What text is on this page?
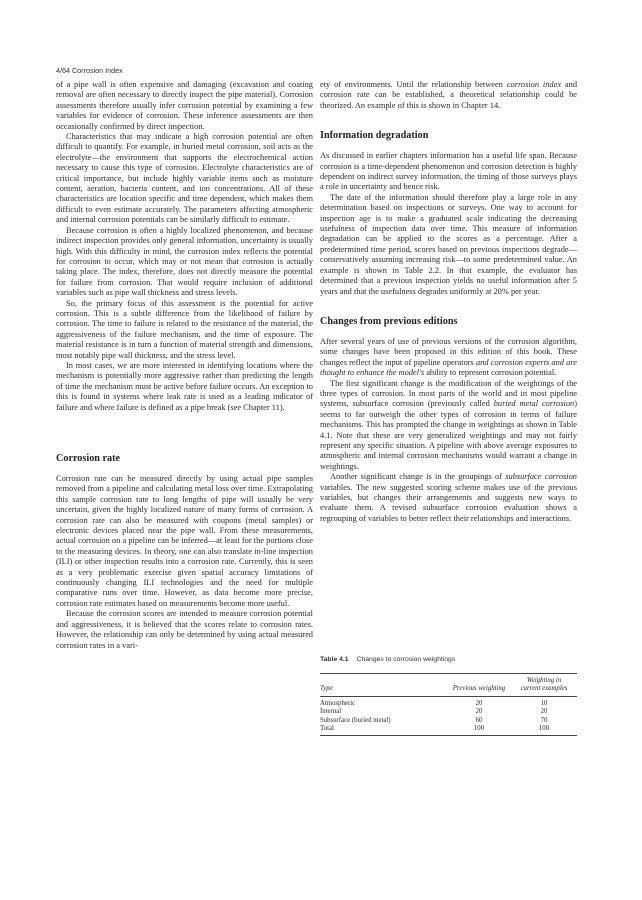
4/64 Corrosion Index

of a pipe wall is often expensive and damaging (excavation and coating removal are often necessary to directly inspect the pipe material). Corrosion assessments therefore usually infer corrosion potential by examining a few variables for evidence of corrosion. These inference assessments are then occasionally confirmed by direct inspection.

Characteristics that may indicate a high corrosion potential are often difficult to quantify. For example, in buried metal corrosion, soil acts as the electrolyte—the environment that supports the electrochemical action necessary to cause this type of corrosion. Electrolyte characteristics are of critical importance, but include highly variable items such as moisture content, aeration, bacteria content, and ion concentrations. All of these characteristics are location specific and time dependent, which makes them difficult to even estimate accurately. The parameters affecting atmospheric and internal corrosion potentials can be similarly difficult to estimate.

Because corrosion is often a highly localized phenomenon, and because indirect inspection provides only general information, uncertainty is usually high. With this difficulty in mind, the corrosion index reflects the potential for corrosion to occur, which may or not mean that corrosion is actually taking place. The index, therefore, does not directly measure the potential for failure from corrosion. That would require inclusion of additional variables such as pipe wall thickness and stress levels.

So, the primary focus of this assessment is the potential for active corrosion. This is a subtle difference from the likelihood of failure by corrosion. The time to failure is related to the resistance of the material, the aggressiveness of the failure mechanism, and the time of exposure. The material resistance is in turn a function of material strength and dimensions, most notably pipe wall thickness, and the stress level.

In most cases, we are more interested in identifying locations where the mechanism is potentially more aggressive rather than predicting the length of time the mechanism must be active before failure occurs. An exception to this is found in systems where leak rate is used as a leading indicator of failure and where failure is defined as a pipe break (see Chapter 11).

Corrosion rate

Corrosion rate can be measured directly by using actual pipe samples removed from a pipeline and calculating metal loss over time. Extrapolating this sample corrosion rate to long lengths of pipe will usually be very uncertain, given the highly localized nature of many forms of corrosion. A corrosion rate can also be measured with coupons (metal samples) or electronic devices placed near the pipe wall. From these measurements, actual corrosion on a pipeline can be inferred—at least for the portions close to the measuring devices. In theory, one can also translate in-line inspection (ILI) or other inspection results into a corrosion rate. Currently, this is seen as a very problematic exercise given spatial accuracy limitations of continuously changing ILI technologies and the need for multiple comparative runs over time. However, as data become more precise, corrosion rate estimates based on measurements become more useful.

Because the corrosion scores are intended to measure corrosion potential and aggressiveness, it is believed that the scores relate to corrosion rates. However, the relationship can only be determined by using actual measured corrosion rates in a vari-

ety of environments. Until the relationship between corrosion index and corrosion rate can be established, a theoretical relationship could be theorized. An example of this is shown in Chapter 14.

Information degradation

As discussed in earlier chapters information has a useful life span. Because corrosion is a time-dependent phenomenon and corrosion detection is highly dependent on indirect survey information, the timing of those surveys plays a role in uncertainty and hence risk.

The date of the information should therefore play a large role in any determination based on inspections or surveys. One way to account for inspection age is to make a graduated scale indicating the decreasing usefulness of inspection data over time. This measure of information degradation can be applied to the scores as a percentage. After a predetermined time period, scores based on previous inspections degrade—conservatively assuming increasing risk—to some predetermined value. An example is shown in Table 2.2. In that example, the evaluator has determined that a previous inspection yields no useful information after 5 years and that the usefulness degrades uniformly at 20% per year.

Changes from previous editions

After several years of use of previous versions of the corrosion algorithm, some changes have been proposed in this edition of this book. These changes reflect the input of pipeline operators and corrosion experts and are thought to enhance the model's ability to represent corrosion potential.

The first significant change is the modification of the weightings of the three types of corrosion. In most parts of the world and in most pipeline systems, subsurface corrosion (previously called buried metal corrosion) seems to far outweigh the other types of corrosion in terms of failure mechanisms. This has prompted the change in weightings as shown in Table 4.1. Note that these are very generalized weightings and may not fairly represent any specific situation. A pipeline with above average exposures to atmospheric and internal corrosion mechanisms would warrant a change in weightings.

Another significant change is in the groupings of subsurface corrosion variables. The new suggested scoring scheme makes use of the previous variables, but changes their arrangements and suggests new ways to evaluate them. A revised subsurface corrosion evaluation shows a regrouping of variables to better reflect their relationships and interactions.

Table 4.1 Changes to corrosion weightings
		Weighting in
Type	Previous weighting	current examples
Atmospheric	20	10
Internal	20	20
Subsurface (buried metal)	60	70
Total	100	100
